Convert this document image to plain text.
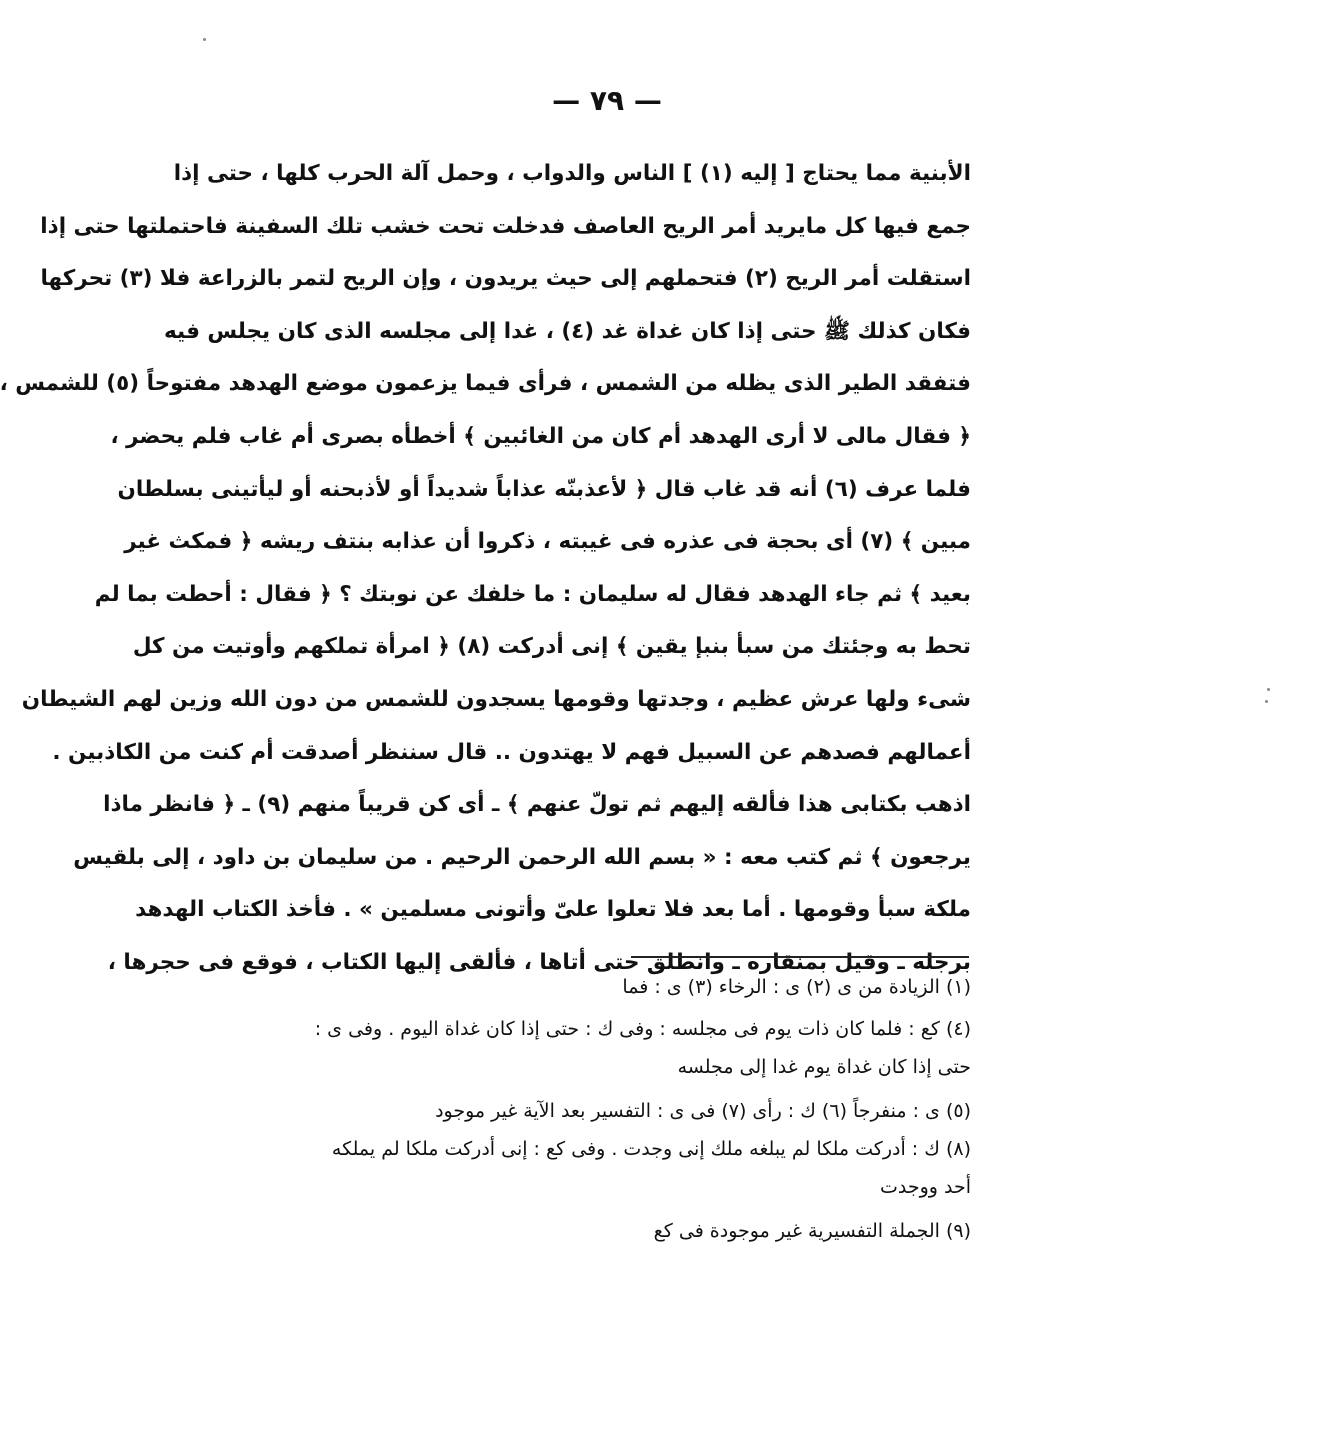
— ٧٩ —
الأبنية مما يحتاج [ إليه (١) ] الناس والدواب ، وحمل آلة الحرب كلها ، حتى إذا
جمع فيها كل مايريد أمر الريح العاصف فدخلت تحت خشب تلك السفينة فاحتملتها حتى إذا
استقلت أمر الريح (٢) فتحملهم إلى حيث يريدون ، وإن الريح لتمر بالزراعة فلا (٣) تحركها
فكان كذلك ﷺ حتى إذا كان غداة غد (٤) ، غدا إلى مجلسه الذى كان يجلس فيه
فتفقد الطير الذى يظله من الشمس ، فرأى فيما يزعمون موضع الهدهد مفتوحاً (٥) للشمس ،
﴿ فقال مالى لا أرى الهدهد أم كان من الغائبين ﴾ أخطأه بصرى أم غاب فلم يحضر ،
فلما عرف (٦) أنه قد غاب قال ﴿ لأعذبنّه عذاباً شديداً أو لأذبحنه أو ليأتينى بسلطان
مبين ﴾ (٧) أى بحجة فى عذره فى غيبته ، ذكروا أن عذابه بنتف ريشه ﴿ فمكث غير
بعيد ﴾ ثم جاء الهدهد فقال له سليمان : ما خلفك عن نوبتك ؟ ﴿ فقال : أحطت بما لم
تحط به وجئتك من سبأ بنبإ يقين ﴾ إنى أدركت (٨) ﴿ امرأة تملكهم وأوتيت من كل
شىء ولها عرش عظيم ، وجدتها وقومها يسجدون للشمس من دون الله وزين لهم الشيطان
أعمالهم فصدهم عن السبيل فهم لا يهتدون .. قال سننظر أصدقت أم كنت من الكاذبين .
اذهب بكتابى هذا فألقه إليهم ثم تولّ عنهم ﴾ ـ أى كن قريباً منهم (٩) ـ ﴿ فانظر ماذا
يرجعون ﴾ ثم كتب معه : « بسم الله الرحمن الرحيم . من سليمان بن داود ، إلى بلقيس
ملكة سبأ وقومها . أما بعد فلا تعلوا علىّ وأتونى مسلمين » . فأخذ الكتاب الهدهد
برجله ـ وقيل بمنقاره ـ وانطلق حتى أتاها ، فألقى إليها الكتاب ، فوقع فى حجرها ،
(١) الزيادة من ى (٢) ى : الرخاء (٣) ى : فما
(٤) كع : فلما كان ذات يوم فى مجلسه : وفى ك : حتى إذا كان غداة اليوم . وفى ى :
حتى إذا كان غداة يوم غدا إلى مجلسه
(٥) ى : منفرجاً (٦) ك : رأى (٧) فى ى : التفسير بعد الآية غير موجود
(٨) ك : أدركت ملكا لم يبلغه ملك إنى وجدت . وفى كع : إنى أدركت ملكا لم يملكه
أحد ووجدت
(٩) الجملة التفسيرية غير موجودة فى كع
